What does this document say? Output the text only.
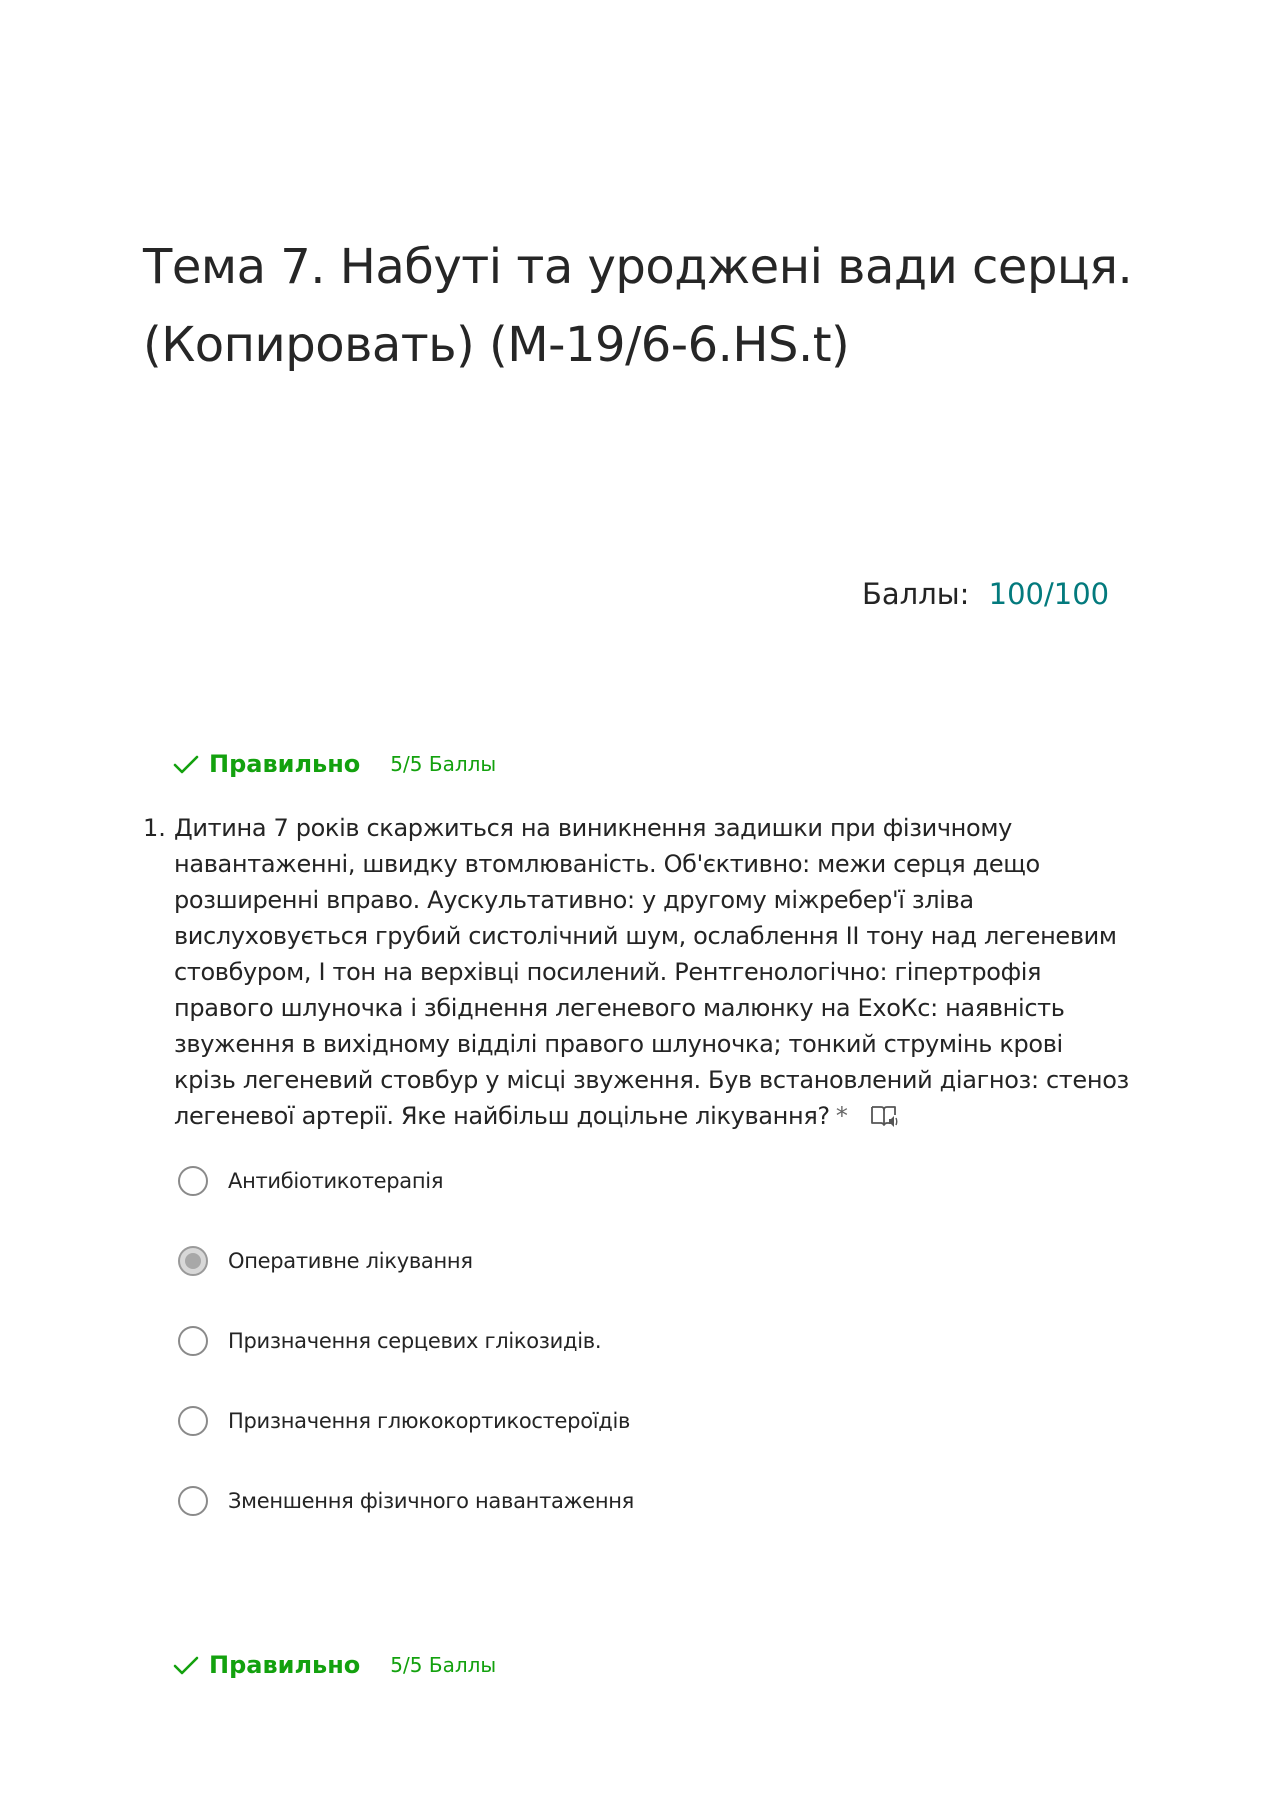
Тема 7. Набуті та уроджені вади серця.
(Копировать) (М-19/6-6.HS.t)
Баллы: 100/100
Правильно 5/5 Баллы
1. Дитина 7 років скаржиться на виникнення задишки при фізичному
навантаженні, швидку втомлюваність. Об'єктивно: межи серця дещо
розширенні вправо. Аускультативно: у другому міжребер'ї зліва
вислуховується грубий систолічний шум, ослаблення II тону над легеневим
стовбуром, I тон на верхівці посилений. Рентгенологічно: гіпертрофія
правого шлуночка і збіднення легеневого малюнку на ЕхоКс: наявність
звуження в вихідному відділі правого шлуночка; тонкий струмінь крові
крізь легеневий стовбур у місці звуження. Був встановлений діагноз: стеноз
легеневої артерії. Яке найбільш доцільне лікування? *
Антибіотикотерапія
Оперативне лікування
Призначення серцевих глікозидів.
Призначення глюкокортикостероїдів
Зменшення фізичного навантаження
Правильно 5/5 Баллы
